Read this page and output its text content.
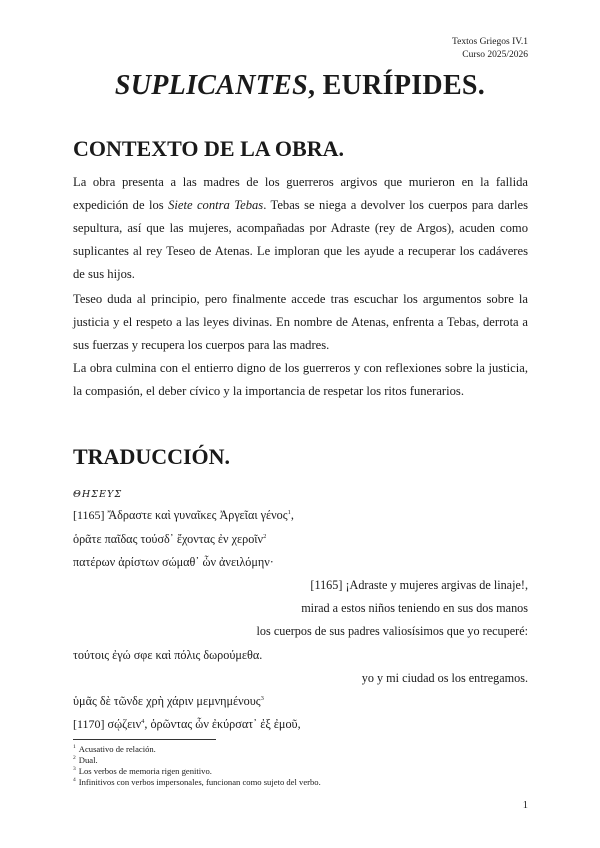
Textos Griegos IV.1
Curso 2025/2026
SUPLICANTES, EURÍPIDES.
CONTEXTO DE LA OBRA.
La obra presenta a las madres de los guerreros argivos que murieron en la fallida expedición de los Siete contra Tebas. Tebas se niega a devolver los cuerpos para darles sepultura, así que las mujeres, acompañadas por Adraste (rey de Argos), acuden como suplicantes al rey Teseo de Atenas. Le imploran que les ayude a recuperar los cadáveres de sus hijos.
Teseo duda al principio, pero finalmente accede tras escuchar los argumentos sobre la justicia y el respeto a las leyes divinas. En nombre de Atenas, enfrenta a Tebas, derrota a sus fuerzas y recupera los cuerpos para las madres.
La obra culmina con el entierro digno de los guerreros y con reflexiones sobre la justicia, la compasión, el deber cívico y la importancia de respetar los ritos funerarios.
TRADUCCIÓN.
ΘΗΣΕΥΣ
[1165] Ἄδραστε καὶ γυναῖκες Ἀργεῖαι γένος$^1$,
ὁρᾶτε παῖδας τούσδ᾽ ἔχοντας ἐν χεροῖν$^2$
πατέρων ἀρίστων σώμαθ᾽ ὧν ἀνειλόμην·
[1165] ¡Adraste y mujeres argivas de linaje!,
mirad a estos niños teniendo en sus dos manos
los cuerpos de sus padres valiosísimos que yo recuperé:
τούτοις ἐγώ σφε καὶ πόλις δωρούμεθα.
yo y mi ciudad os los entregamos.
ὑμᾶς δὲ τῶνδε χρὴ χάριν μεμνημένους$^3$
[1170] σῴζειν$^4$, ὁρῶντας ὧν ἐκύρσατ᾽ ἐξ ἐμοῦ,
$^1$ Acusativo de relación.
$^2$ Dual.
$^3$ Los verbos de memoria rigen genitivo.
$^4$ Infinitivos con verbos impersonales, funcionan como sujeto del verbo.
1
